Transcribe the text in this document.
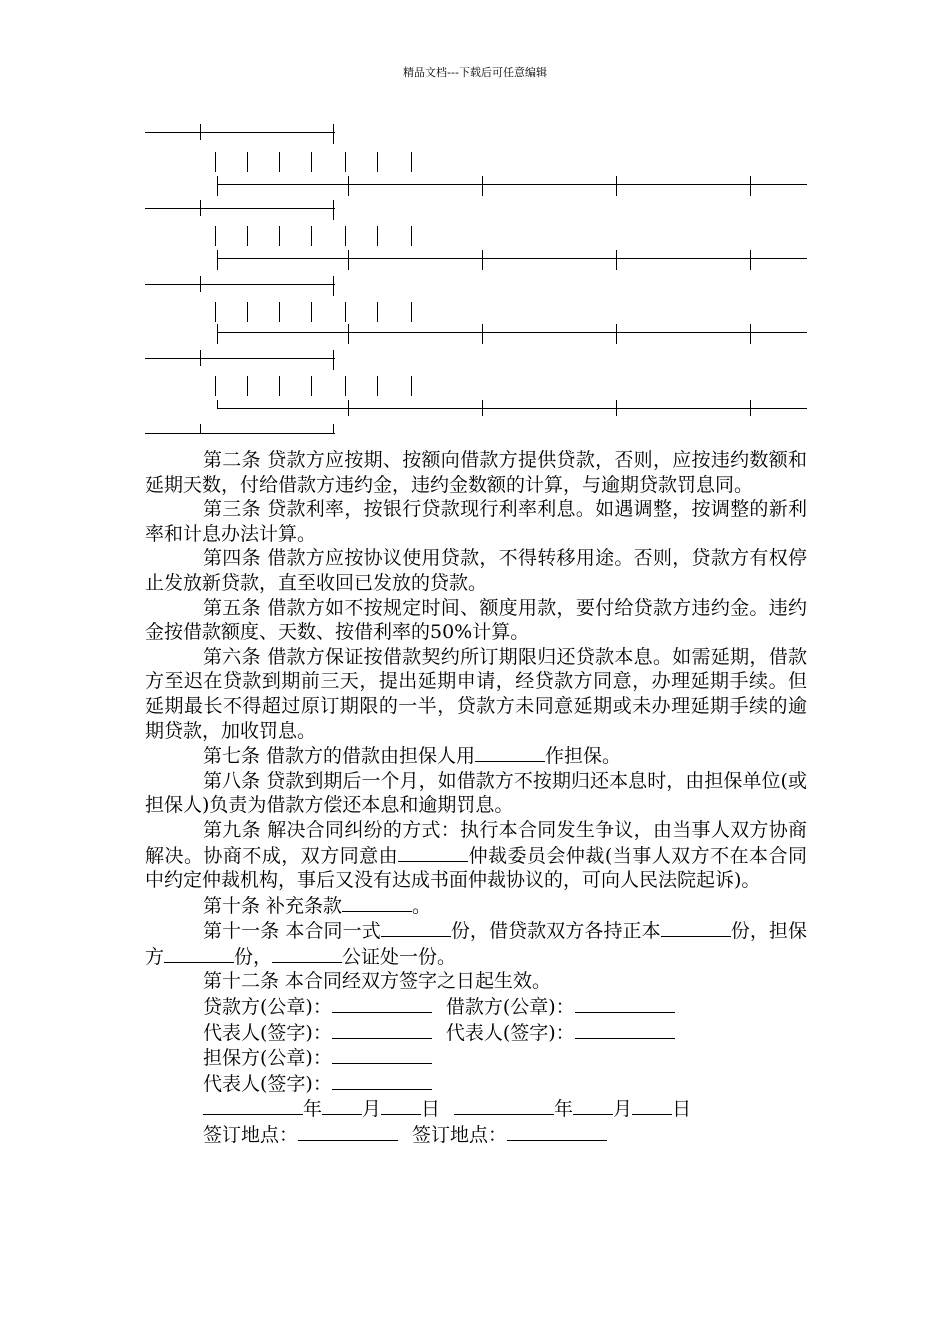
精品文档---下载后可任意编辑

第二条 贷款方应按期、按额向借款方提供贷款，否则，应按违约数额和延期天数，付给借款方违约金，违约金数额的计算，与逾期贷款罚息同。

第三条 贷款利率，按银行贷款现行利率利息。如遇调整，按调整的新利率和计息办法计算。

第四条 借款方应按协议使用贷款，不得转移用途。否则，贷款方有权停止发放新贷款，直至收回已发放的贷款。

第五条 借款方如不按规定时间、额度用款，要付给贷款方违约金。违约金按借款额度、天数、按借利率的50%计算。

第六条 借款方保证按借款契约所订期限归还贷款本息。如需延期，借款方至迟在贷款到期前三天，提出延期申请，经贷款方同意，办理延期手续。但延期最长不得超过原订期限的一半，贷款方未同意延期或未办理延期手续的逾期贷款，加收罚息。

第七条 借款方的借款由担保人用	作担保。

第八条 贷款到期后一个月，如借款方不按期归还本息时，由担保单位(或担保人)负责为借款方偿还本息和逾期罚息。

第九条 解决合同纠纷的方式：执行本合同发生争议，由当事人双方协商解决。协商不成，双方同意由	仲裁委员会仲裁(当事人双方不在本合同中约定仲裁机构，事后又没有达成书面仲裁协议的，可向人民法院起诉)。

第十条 补充条款	。

第十一条 本合同一式	份，借贷款双方各持正本	份，担保方	份，	公证处一份。

第十二条 本合同经双方签字之日起生效。

贷款方(公章)：	借款方(公章)：

代表人(签字)：	代表人(签字)：

担保方(公章)：

代表人(签字)：

年 月 日	年 月 日

签订地点：	签订地点：
